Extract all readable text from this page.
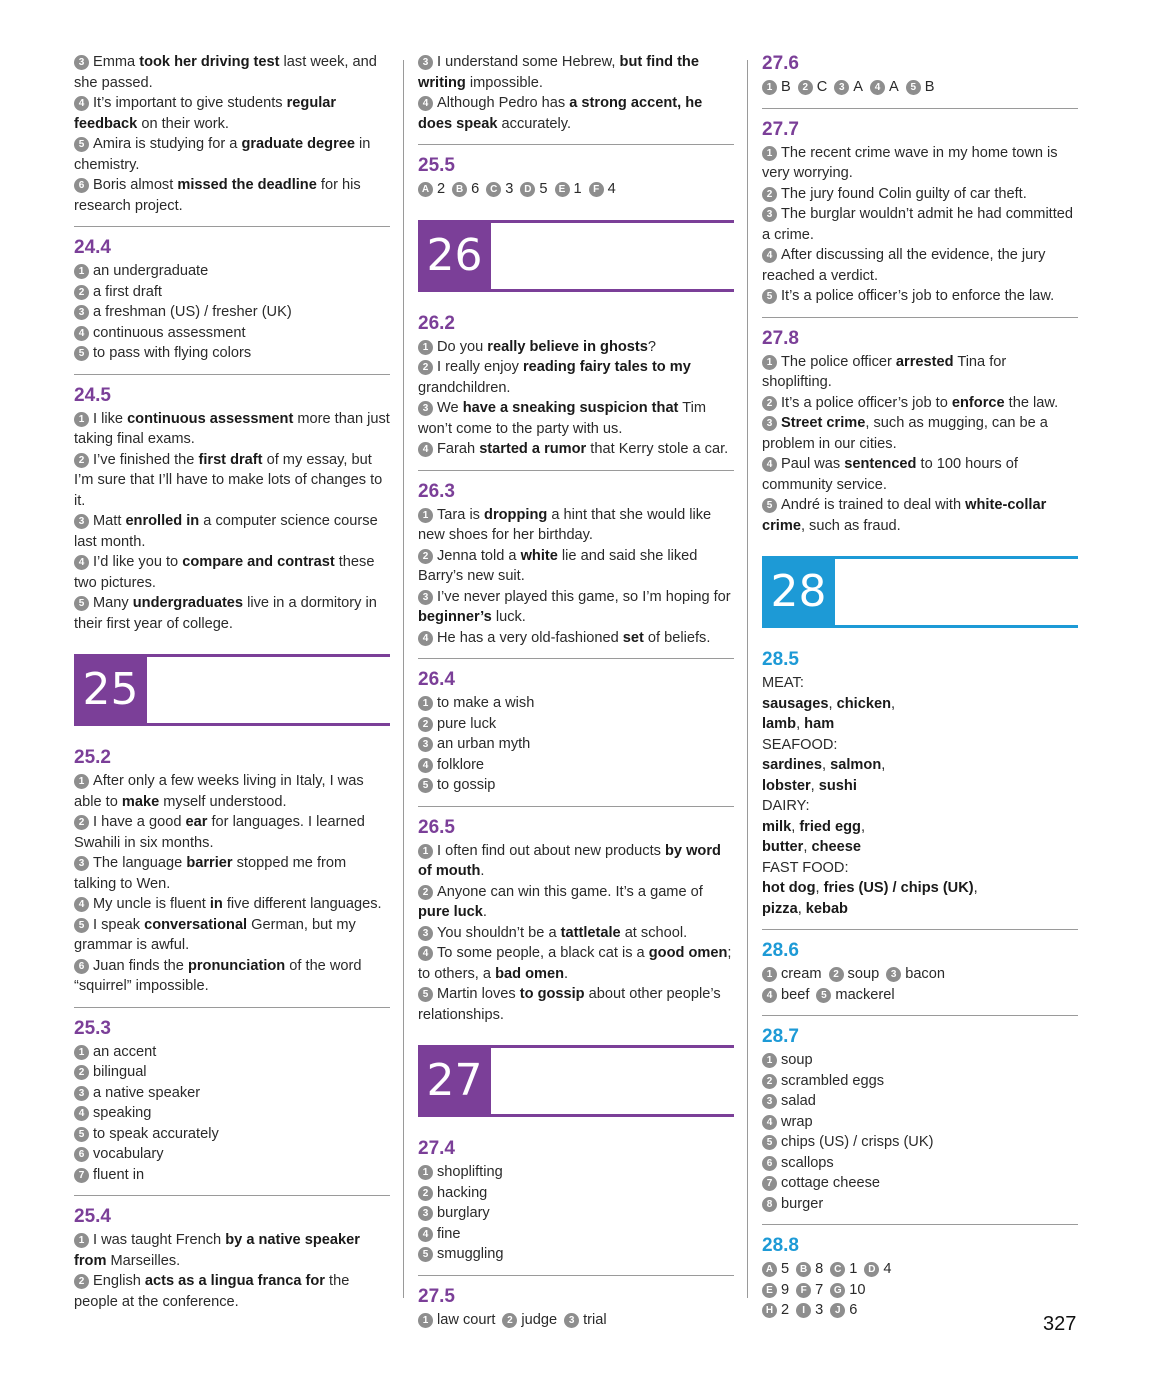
3 Emma took her driving test last week, and she passed.

4 It’s important to give students regular feedback on their work.

5 Amira is studying for a graduate degree in chemistry.

6 Boris almost missed the deadline for his research project.

24.4

1 an undergraduate

2 a first draft

3 a freshman (US) / fresher (UK)

4 continuous assessment

5 to pass with flying colors

24.5

1 I like continuous assessment more than just taking final exams.

2 I’ve finished the first draft of my essay, but I’m sure that I’ll have to make lots of changes to it.

3 Matt enrolled in a computer science course last month.

4 I’d like you to compare and contrast these two pictures.

5 Many undergraduates live in a dormitory in their first year of college.

25
25.2

1 After only a few weeks living in Italy, I was able to make myself understood.

2 I have a good ear for languages. I learned Swahili in six months.

3 The language barrier stopped me from talking to Wen.

4 My uncle is fluent in five different languages.

5 I speak conversational German, but my grammar is awful.

6 Juan finds the pronunciation of the word “squirrel” impossible.

25.3

1 an accent

2 bilingual

3 a native speaker

4 speaking

5 to speak accurately

6 vocabulary

7 fluent in

25.4

1 I was taught French by a native speaker from Marseilles.

2 English acts as a lingua franca for the people at the conference.

3 I understand some Hebrew, but find the writing impossible.

4 Although Pedro has a strong accent, he does speak accurately.

25.5
A 2 B 6 C 3 D 5 E 1 F 4
26
26.2

1 Do you really believe in ghosts?

2 I really enjoy reading fairy tales to my grandchildren.

3 We have a sneaking suspicion that Tim won’t come to the party with us.

4 Farah started a rumor that Kerry stole a car.

26.3

1 Tara is dropping a hint that she would like new shoes for her birthday.

2 Jenna told a white lie and said she liked Barry’s new suit.

3 I’ve never played this game, so I’m hoping for beginner’s luck.

4 He has a very old-fashioned set of beliefs.

26.4

1 to make a wish

2 pure luck

3 an urban myth

4 folklore

5 to gossip

26.5

1 I often find out about new products by word of mouth.

2 Anyone can win this game. It’s a game of pure luck.

3 You shouldn’t be a tattletale at school.

4 To some people, a black cat is a good omen; to others, a bad omen.

5 Martin loves to gossip about other people’s relationships.

27
27.4

1 shoplifting

2 hacking

3 burglary

4 fine

5 smuggling

27.5
1 law court 2 judge 3 trial
27.6
1 B 2 C 3 A 4 A 5 B
27.7

1 The recent crime wave in my home town is very worrying.

2 The jury found Colin guilty of car theft.

3 The burglar wouldn’t admit he had committed a crime.

4 After discussing all the evidence, the jury reached a verdict.

5 It’s a police officer’s job to enforce the law.

27.8

1 The police officer arrested Tina for shoplifting.

2 It’s a police officer’s job to enforce the law.

3 Street crime, such as mugging, can be a problem in our cities.

4 Paul was sentenced to 100 hours of community service.

5 André is trained to deal with white-collar crime, such as fraud.

28
28.5

MEAT:

sausages, chicken,

lamb, ham

SEAFOOD:

sardines, salmon,

lobster, sushi

DAIRY:

milk, fried egg,

butter, cheese

FAST FOOD:

hot dog, fries (US) / chips (UK),

pizza, kebab

28.6
1 cream 2 soup 3 bacon
4 beef 5 mackerel
28.7

1 soup

2 scrambled eggs

3 salad

4 wrap

5 chips (US) / crisps (UK)

6 scallops

7 cottage cheese

8 burger

28.8
A 5 B 8 C 1 D 4
E 9 F 7 G 10
H 2 I 3 J 6
327
